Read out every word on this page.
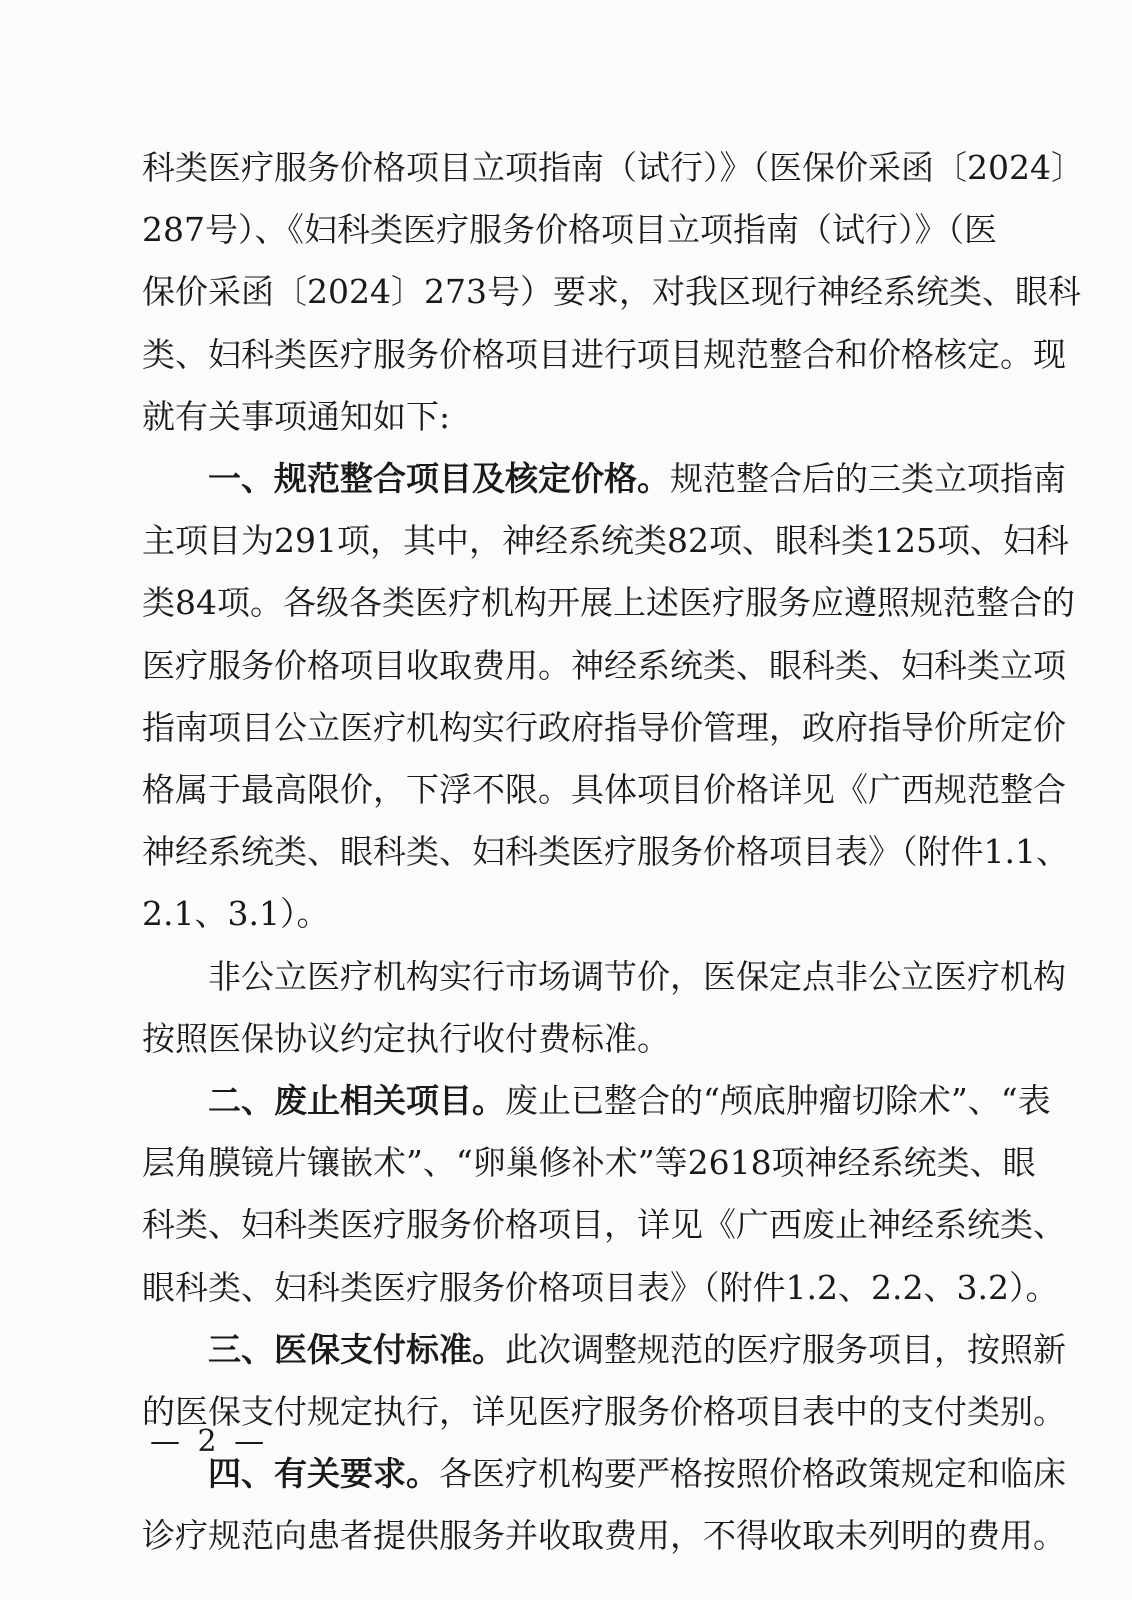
科类医疗服务价格项目立项指南（试行）》（医保价采函〔2024〕
287号）、《妇科类医疗服务价格项目立项指南（试行）》（医
保价采函〔2024〕273号）要求，对我区现行神经系统类、眼科
类、妇科类医疗服务价格项目进行项目规范整合和价格核定。现
就有关事项通知如下:
一、规范整合项目及核定价格。规范整合后的三类立项指南
主项目为291项，其中，神经系统类82项、眼科类125项、妇科
类84项。各级各类医疗机构开展上述医疗服务应遵照规范整合的
医疗服务价格项目收取费用。神经系统类、眼科类、妇科类立项
指南项目公立医疗机构实行政府指导价管理，政府指导价所定价
格属于最高限价，下浮不限。具体项目价格详见《广西规范整合
神经系统类、眼科类、妇科类医疗服务价格项目表》（附件1.1、
2.1、3.1）。
非公立医疗机构实行市场调节价，医保定点非公立医疗机构
按照医保协议约定执行收付费标准。
二、废止相关项目。废止已整合的“颅底肿瘤切除术”、“表
层角膜镜片镶嵌术”、“卵巢修补术”等2618项神经系统类、眼
科类、妇科类医疗服务价格项目，详见《广西废止神经系统类、
眼科类、妇科类医疗服务价格项目表》（附件1.2、2.2、3.2）。
三、医保支付标准。此次调整规范的医疗服务项目，按照新
的医保支付规定执行，详见医疗服务价格项目表中的支付类别。
四、有关要求。各医疗机构要严格按照价格政策规定和临床
诊疗规范向患者提供服务并收取费用，不得收取未列明的费用。
— 2 —
